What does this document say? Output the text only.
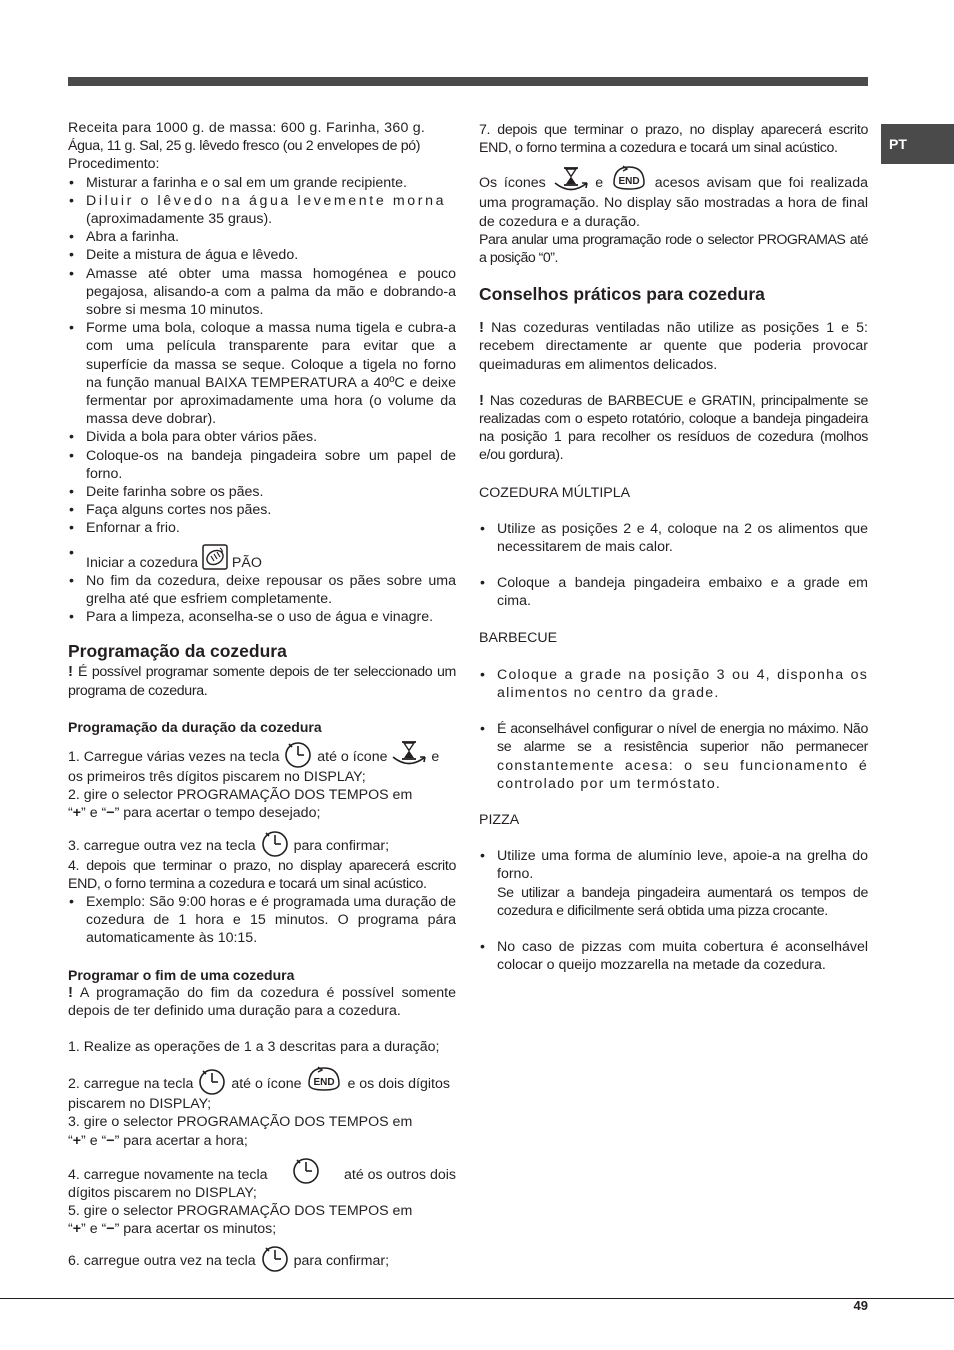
PT

Receita para 1000 g. de massa: 600 g. Farinha, 360 g.
Água, 11 g. Sal, 25 g. lêvedo fresco (ou 2 envelopes de pó)
Procedimento:

• Misturar a farinha e o sal em um grande recipiente.
• Diluir o lêvedo na água levemente morna
(aproximadamente 35 graus).
• Abra a farinha.
• Deite a mistura de água e lêvedo.
• Amasse até obter uma massa homogénea e pouco pegajosa, alisando-a com a palma da mão e dobrando-a sobre si mesma 10 minutos.
• Forme uma bola, coloque a massa numa tigela e cubra-a com uma película transparente para evitar que a superfície da massa se seque. Coloque a tigela no forno na função manual BAIXA TEMPERATURA a 40ºC e deixe fermentar por aproximadamente uma hora (o volume da massa deve dobrar).
• Divida a bola para obter vários pães.
• Coloque-os na bandeja pingadeira sobre um papel de forno.
• Deite farinha sobre os pães.
• Faça alguns cortes nos pães.
• Enfornar a frio.
• Iniciar a cozedura PÃO
• No fim da cozedura, deixe repousar os pães sobre uma grelha até que esfriem completamente.
• Para a limpeza, aconselha-se o uso de água e vinagre.
Programação da cozedura

! É possível programar somente depois de ter seleccionado um programa de cozedura.

Programação da duração da cozedura

1. Carregue várias vezes na tecla	até o ícone	e
os primeiros três dígitos piscarem no DISPLAY;

2. gire o selector PROGRAMAÇÃO DOS TEMPOS em
“+” e “−” para acertar o tempo desejado;

3. carregue outra vez na tecla	para confirmar;

4. depois que terminar o prazo, no display aparecerá escrito END, o forno termina a cozedura e tocará um sinal acústico.

• Exemplo: São 9:00 horas e é programada uma duração de cozedura de 1 hora e 15 minutos. O programa pára automaticamente às 10:15.
Programar o fim de uma cozedura

! A programação do fim da cozedura é possível somente depois de ter definido uma duração para a cozedura.

1. Realize as operações de 1 a 3 descritas para a duração;

2. carregue na tecla	até o ícone	e os dois dígitos
piscarem no DISPLAY;

3. gire o selector PROGRAMAÇÃO DOS TEMPOS em
“+” e “−” para acertar a hora;

4. carregue novamente na tecla	até os outros dois
dígitos piscarem no DISPLAY;

5. gire o selector PROGRAMAÇÃO DOS TEMPOS em
“+” e “−” para acertar os minutos;

6. carregue outra vez na tecla	para confirmar;

7. depois que terminar o prazo, no display aparecerá escrito END, o forno termina a cozedura e tocará um sinal acústico.

Os ícones	e	acesos avisam que foi realizada uma programação. No display são mostradas a hora de final de cozedura e a duração.

Para anular uma programação rode o selector PROGRAMAS até a posição “0”.

Conselhos práticos para cozedura

! Nas cozeduras ventiladas não utilize as posições 1 e 5: recebem directamente ar quente que poderia provocar queimaduras em alimentos delicados.

! Nas cozeduras de BARBECUE e GRATIN, principalmente se realizadas com o espeto rotatório, coloque a bandeja pingadeira na posição 1 para recolher os resíduos de cozedura (molhos e/ou gordura).

COZEDURA MÚLTIPLA

• Utilize as posições 2 e 4, coloque na 2 os alimentos que necessitarem de mais calor.
• Coloque a bandeja pingadeira embaixo e a grade em cima.

BARBECUE

• Coloque a grade na posição 3 ou 4, disponha os alimentos no centro da grade.
• É aconselhável configurar o nível de energia no máximo. Não se alarme se a resistência superior não permanecer constantemente acesa: o seu funcionamento é controlado por um termóstato.

PIZZA

• Utilize uma forma de alumínio leve, apoie-a na grelha do forno.
Se utilizar a bandeja pingadeira aumentará os tempos de cozedura e dificilmente será obtida uma pizza crocante.
• No caso de pizzas com muita cobertura é aconselhável colocar o queijo mozzarella na metade da cozedura.
49
